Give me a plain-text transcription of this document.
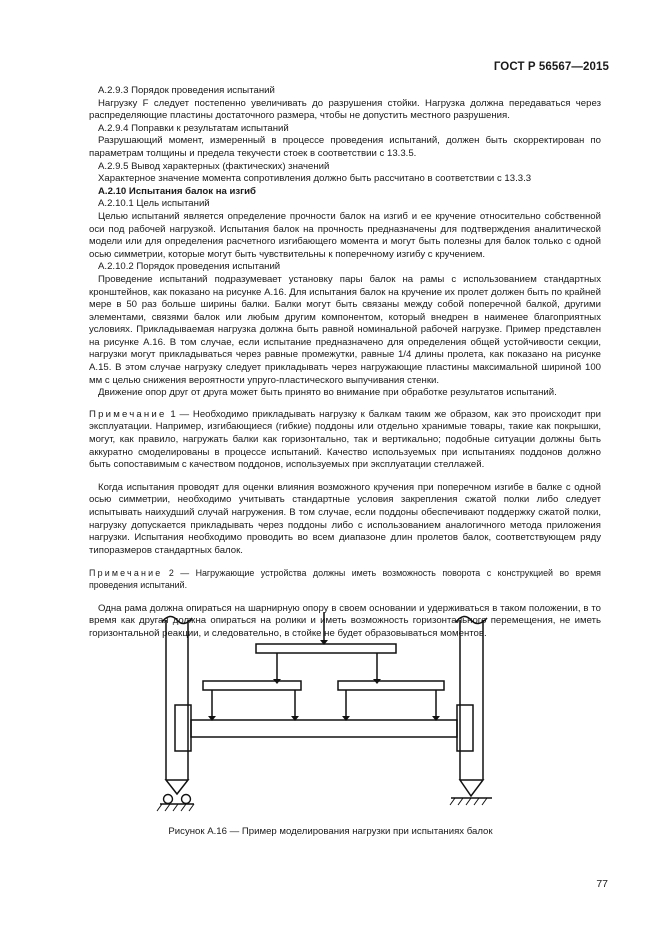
ГОСТ Р 56567—2015

А.2.9.3 Порядок проведения испытаний

Нагрузку F следует постепенно увеличивать до разрушения стойки. Нагрузка должна передаваться через распределяющие пластины достаточного размера, чтобы не допустить местного разрушения.

А.2.9.4 Поправки к результатам испытаний

Разрушающий момент, измеренный в процессе проведения испытаний, должен быть скорректирован по параметрам толщины и предела текучести стоек в соответствии с 13.3.5.

А.2.9.5 Вывод характерных (фактических) значений

Характерное значение момента сопротивления должно быть рассчитано в соответствии с 13.3.3

А.2.10 Испытания балок на изгиб

А.2.10.1 Цель испытаний

Целью испытаний является определение прочности балок на изгиб и ее кручение относительно собственной оси под рабочей нагрузкой. Испытания балок на прочность предназначены для подтверждения аналитической модели или для определения расчетного изгибающего момента и могут быть полезны для балок только с одной осью симметрии, которые могут быть чувствительны к поперечному изгибу с кручением.

А.2.10.2 Порядок проведения испытаний

Проведение испытаний подразумевает установку пары балок на рамы с использованием стандартных кронштейнов, как показано на рисунке А.16. Для испытания балок на кручение их пролет должен быть по крайней мере в 50 раз больше ширины балки. Балки могут быть связаны между собой поперечной балкой, другими элементами, связями балок или любым другим компонентом, который внедрен в наименее благоприятных условиях. Прикладываемая нагрузка должна быть равной номинальной рабочей нагрузке. Пример представлен на рисунке А.16. В том случае, если испытание предназначено для определения общей устойчивости секции, нагрузки могут прикладываться через равные промежутки, равные 1/4 длины пролета, как показано на рисунке А.15. В этом случае нагрузку следует прикладывать через нагружающие пластины максимальной шириной 100 мм с целью снижения вероятности упруго-пластического выпучивания стенки.

Движение опор друг от друга может быть принято во внимание при обработке результатов испытаний.

Примечание 1 — Необходимо прикладывать нагрузку к балкам таким же образом, как это происходит при эксплуатации. Например, изгибающиеся (гибкие) поддоны или отдельно хранимые товары, такие как покрышки, могут, как правило, нагружать балки как горизонтально, так и вертикально; подобные ситуации должны быть аккуратно смоделированы в процессе испытаний. Качество используемых при испытаниях поддонов должно быть сопоставимым с качеством поддонов, используемых при эксплуатации стеллажей.

Когда испытания проводят для оценки влияния возможного кручения при поперечном изгибе в балке с одной осью симметрии, необходимо учитывать стандартные условия закрепления сжатой полки либо следует испытывать наихудший случай нагружения. В том случае, если поддоны обеспечивают поддержку сжатой полки, нагрузку допускается прикладывать через поддоны либо с использованием аналогичного метода приложения нагрузки. Испытания необходимо проводить во всем диапазоне длин пролетов балок, соответствующем ряду типоразмеров стандартных балок.

Примечание 2 — Нагружающие устройства должны иметь возможность поворота с конструкцией во время проведения испытаний.

Одна рама должна опираться на шарнирную опору в своем основании и удерживаться в таком положении, в то время как другая должна опираться на ролики и иметь возможность горизонтального перемещения, не иметь горизонтальной реакции, и следовательно, в стойке не будет образовываться моментов.

Рисунок А.16 — Пример моделирования нагрузки при испытаниях балок
77
